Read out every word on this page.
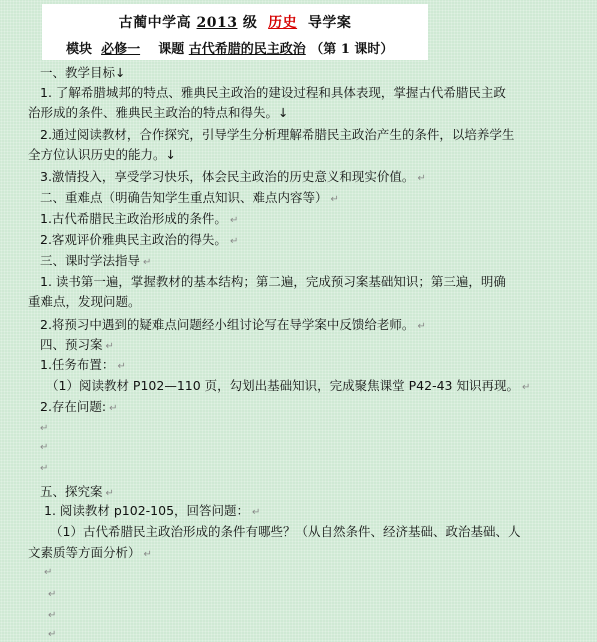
古蔺中学高 2013 级 历史 导学案
模块 必修一 课题 古代希腊的民主政治 （第 1 课时）
一、教学目标↓
1. 了解希腊城邦的特点、雅典民主政治的建设过程和具体表现，掌握古代希腊民主政
治形成的条件、雅典民主政治的特点和得失。↓
2.通过阅读教材，合作探究，引导学生分析理解希腊民主政治产生的条件，以培养学生
全方位认识历史的能力。↓
3.激情投入，享受学习快乐，体会民主政治的历史意义和现实价值。 ↵
二、重难点（明确告知学生重点知识、难点内容等） ↵
1.古代希腊民主政治形成的条件。 ↵
2.客观评价雅典民主政治的得失。 ↵
三、课时学法指导 ↵
1. 读书第一遍，掌握教材的基本结构；第二遍，完成预习案基础知识；第三遍，明确
重难点，发现问题。
2.将预习中遇到的疑难点问题经小组讨论写在导学案中反馈给老师。 ↵
四、预习案 ↵
1.任务布置： ↵
（1）阅读教材 P102—110 页，勾划出基础知识，完成聚焦课堂 P42-43 知识再现。 ↵
2.存在问题: ↵
↵
↵
↵
五、探究案 ↵
1. 阅读教材 p102-105，回答问题： ↵
（1）古代希腊民主政治形成的条件有哪些？（从自然条件、经济基础、政治基础、人
文素质等方面分析） ↵
↵
↵
↵
↵
